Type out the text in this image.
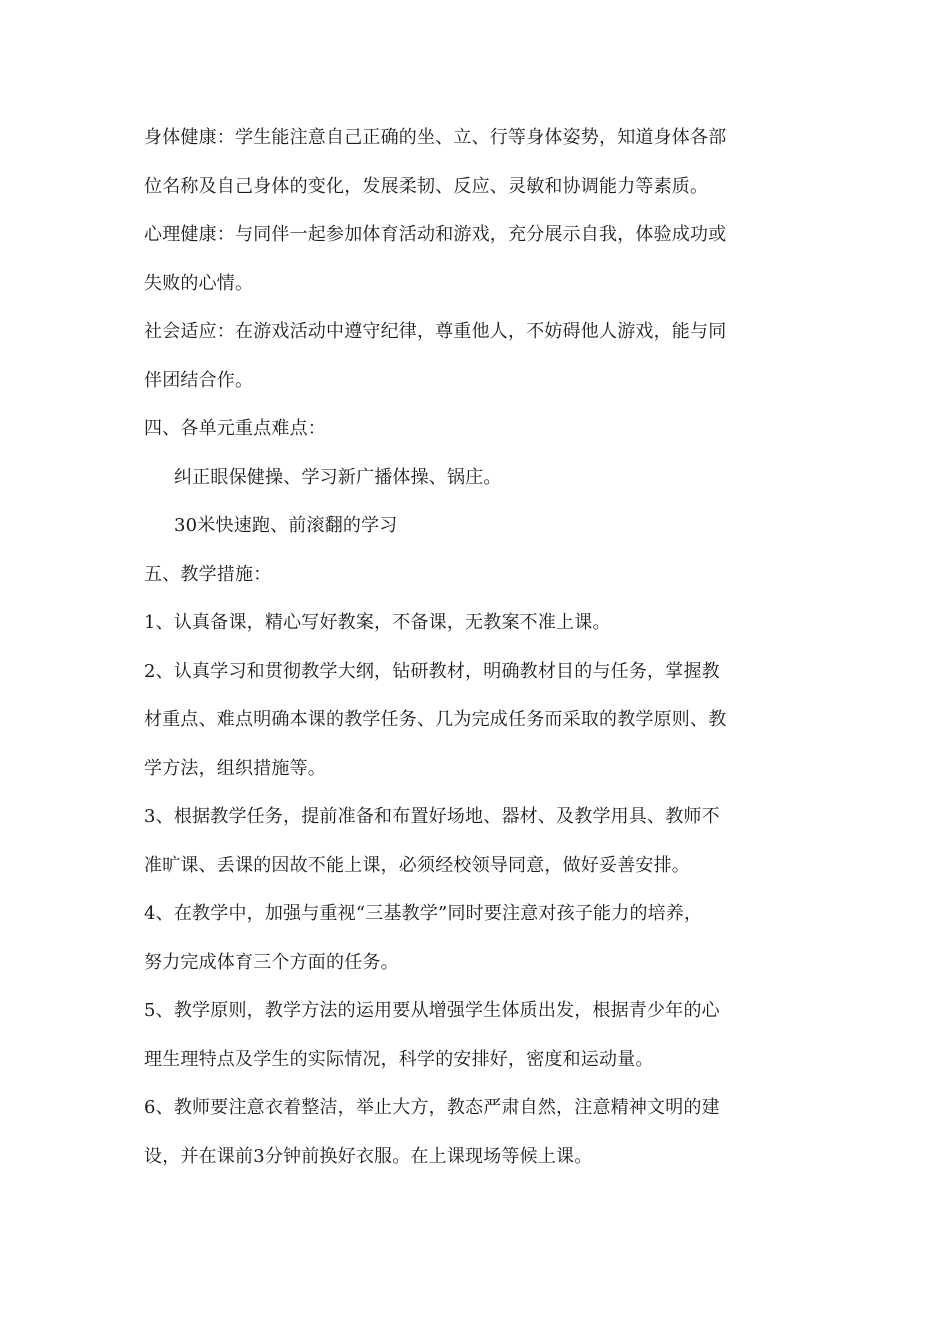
身体健康：学生能注意自己正确的坐、立、行等身体姿势，知道身体各部
位名称及自己身体的变化，发展柔韧、反应、灵敏和协调能力等素质。
心理健康：与同伴一起参加体育活动和游戏，充分展示自我，体验成功或
失败的心情。
社会适应：在游戏活动中遵守纪律，尊重他人，不妨碍他人游戏，能与同
伴团结合作。
四、各单元重点难点：
纠正眼保健操、学习新广播体操、锅庄。
30米快速跑、前滚翻的学习
五、教学措施：
1、认真备课，精心写好教案，不备课，无教案不准上课。
2、认真学习和贯彻教学大纲，钻研教材，明确教材目的与任务，掌握教
材重点、难点明确本课的教学任务、几为完成任务而采取的教学原则、教
学方法，组织措施等。
3、根据教学任务，提前准备和布置好场地、器材、及教学用具、教师不
准旷课、丢课的因故不能上课，必须经校领导同意，做好妥善安排。
4、在教学中，加强与重视“三基教学”同时要注意对孩子能力的培养，
努力完成体育三个方面的任务。
5、教学原则，教学方法的运用要从增强学生体质出发，根据青少年的心
理生理特点及学生的实际情况，科学的安排好，密度和运动量。
6、教师要注意衣着整洁，举止大方，教态严肃自然，注意精神文明的建
设，并在课前3分钟前换好衣服。在上课现场等候上课。
